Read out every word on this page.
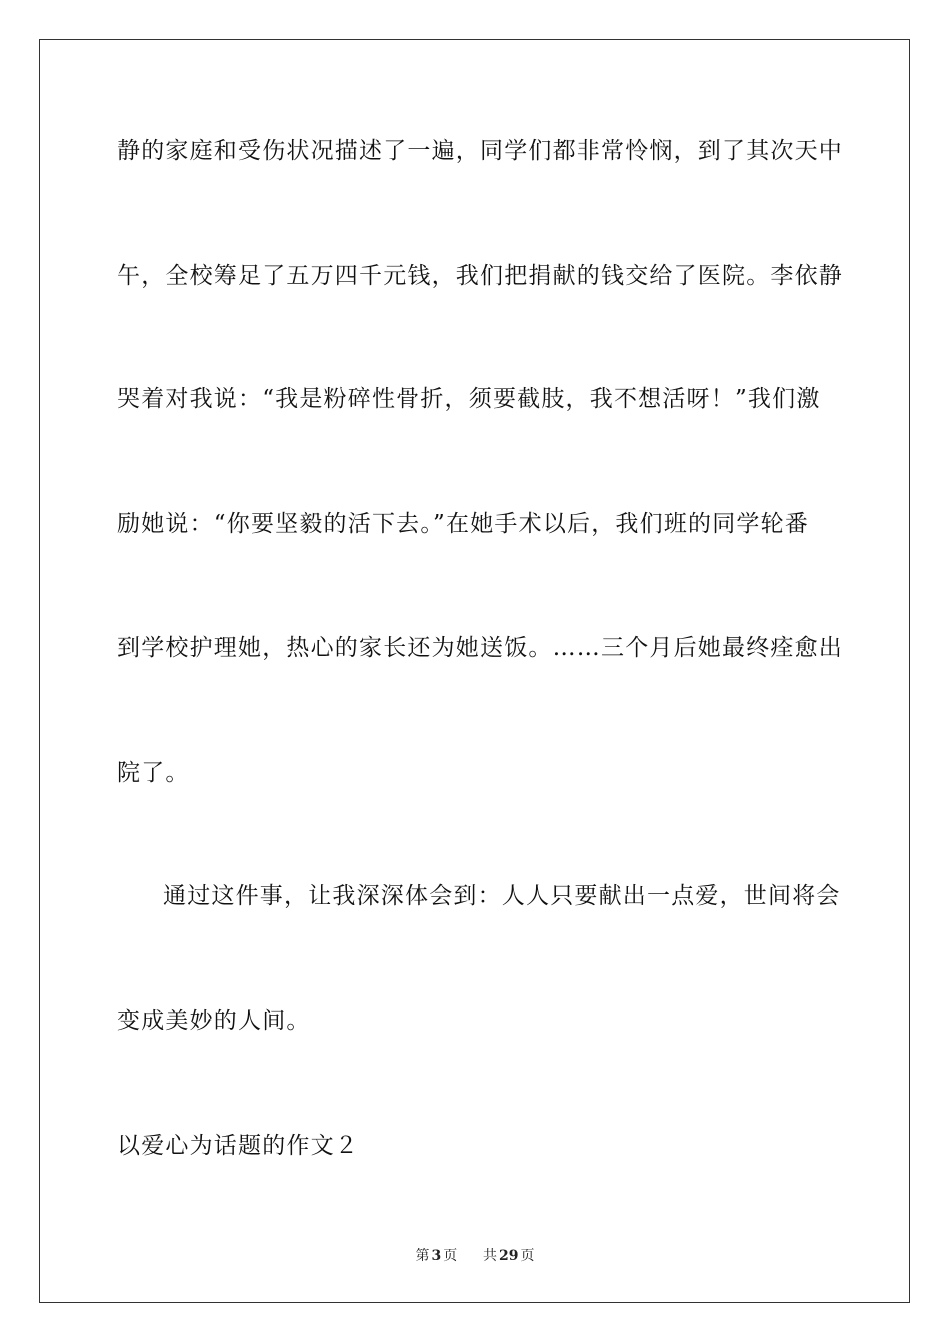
静的家庭和受伤状况描述了一遍，同学们都非常怜悯，到了其次天中
午，全校筹足了五万四千元钱，我们把捐献的钱交给了医院。李依静
哭着对我说：“我是粉碎性骨折，须要截肢，我不想活呀！”我们激
励她说：“你要坚毅的活下去。”在她手术以后，我们班的同学轮番
到学校护理她，热心的家长还为她送饭。……三个月后她最终痊愈出
院了。
通过这件事，让我深深体会到：人人只要献出一点爱，世间将会
变成美妙的人间。
以爱心为话题的作文２
第 3 页 共 29 页
